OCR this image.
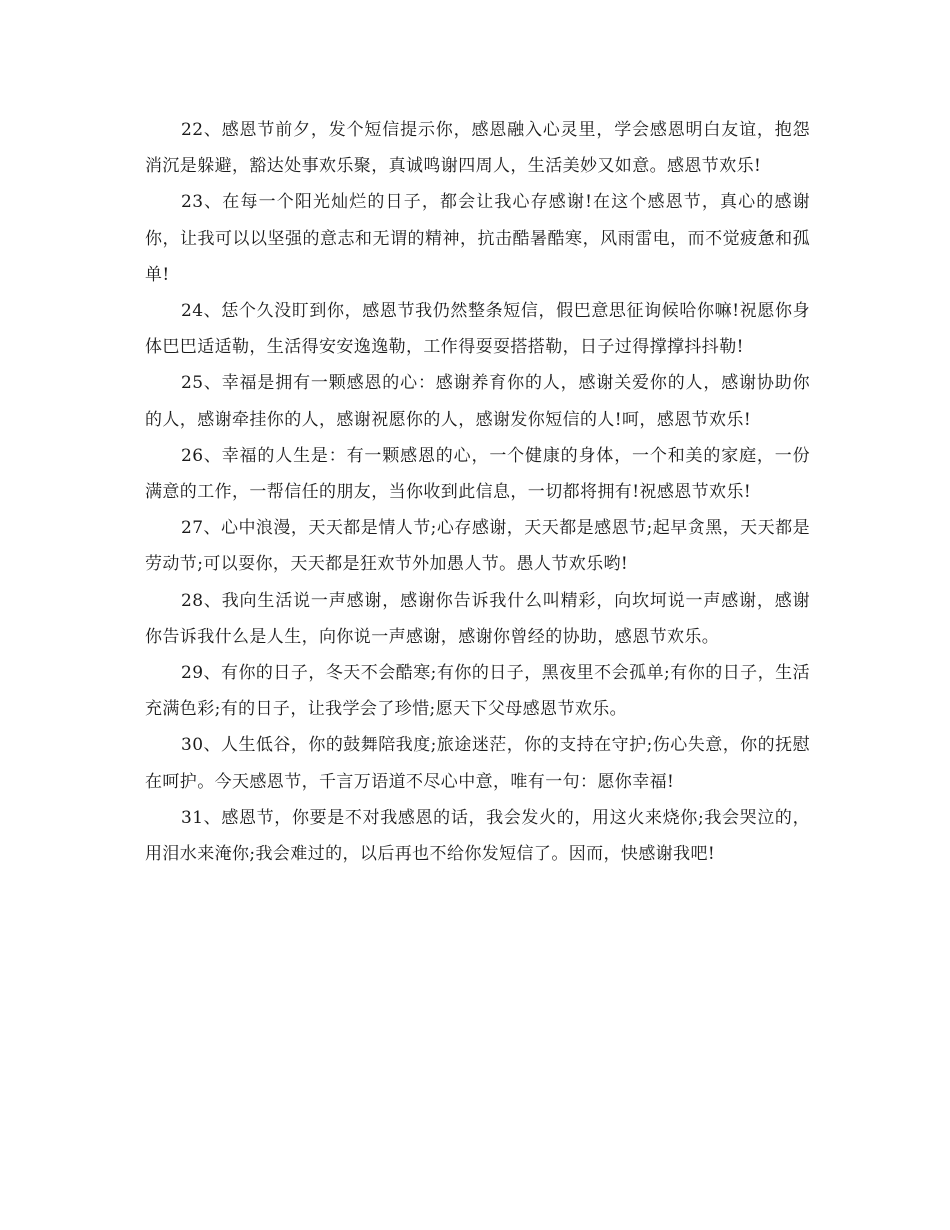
22、感恩节前夕，发个短信提示你，感恩融入心灵里，学会感恩明白友谊，抱怨消沉是躲避，豁达处事欢乐聚，真诚鸣谢四周人，生活美妙又如意。感恩节欢乐!

23、在每一个阳光灿烂的日子，都会让我心存感谢!在这个感恩节，真心的感谢你，让我可以以坚强的意志和无谓的精神，抗击酷暑酷寒，风雨雷电，而不觉疲惫和孤单!

24、恁个久没盯到你，感恩节我仍然整条短信，假巴意思征询候哈你嘛!祝愿你身体巴巴适适勒，生活得安安逸逸勒，工作得耍耍搭搭勒，日子过得撑撑抖抖勒!

25、幸福是拥有一颗感恩的心：感谢养育你的人，感谢关爱你的人，感谢协助你的人，感谢牵挂你的人，感谢祝愿你的人，感谢发你短信的人!呵，感恩节欢乐!

26、幸福的人生是：有一颗感恩的心，一个健康的身体，一个和美的家庭，一份满意的工作，一帮信任的朋友，当你收到此信息，一切都将拥有!祝感恩节欢乐!

27、心中浪漫，天天都是情人节;心存感谢，天天都是感恩节;起早贪黑，天天都是劳动节;可以耍你，天天都是狂欢节外加愚人节。愚人节欢乐哟!

28、我向生活说一声感谢，感谢你告诉我什么叫精彩，向坎坷说一声感谢，感谢你告诉我什么是人生，向你说一声感谢，感谢你曾经的协助，感恩节欢乐。

29、有你的日子，冬天不会酷寒;有你的日子，黑夜里不会孤单;有你的日子，生活充满色彩;有的日子，让我学会了珍惜;愿天下父母感恩节欢乐。

30、人生低谷，你的鼓舞陪我度;旅途迷茫，你的支持在守护;伤心失意，你的抚慰在呵护。今天感恩节，千言万语道不尽心中意，唯有一句：愿你幸福!

31、感恩节，你要是不对我感恩的话，我会发火的，用这火来烧你;我会哭泣的，用泪水来淹你;我会难过的，以后再也不给你发短信了。因而，快感谢我吧!
